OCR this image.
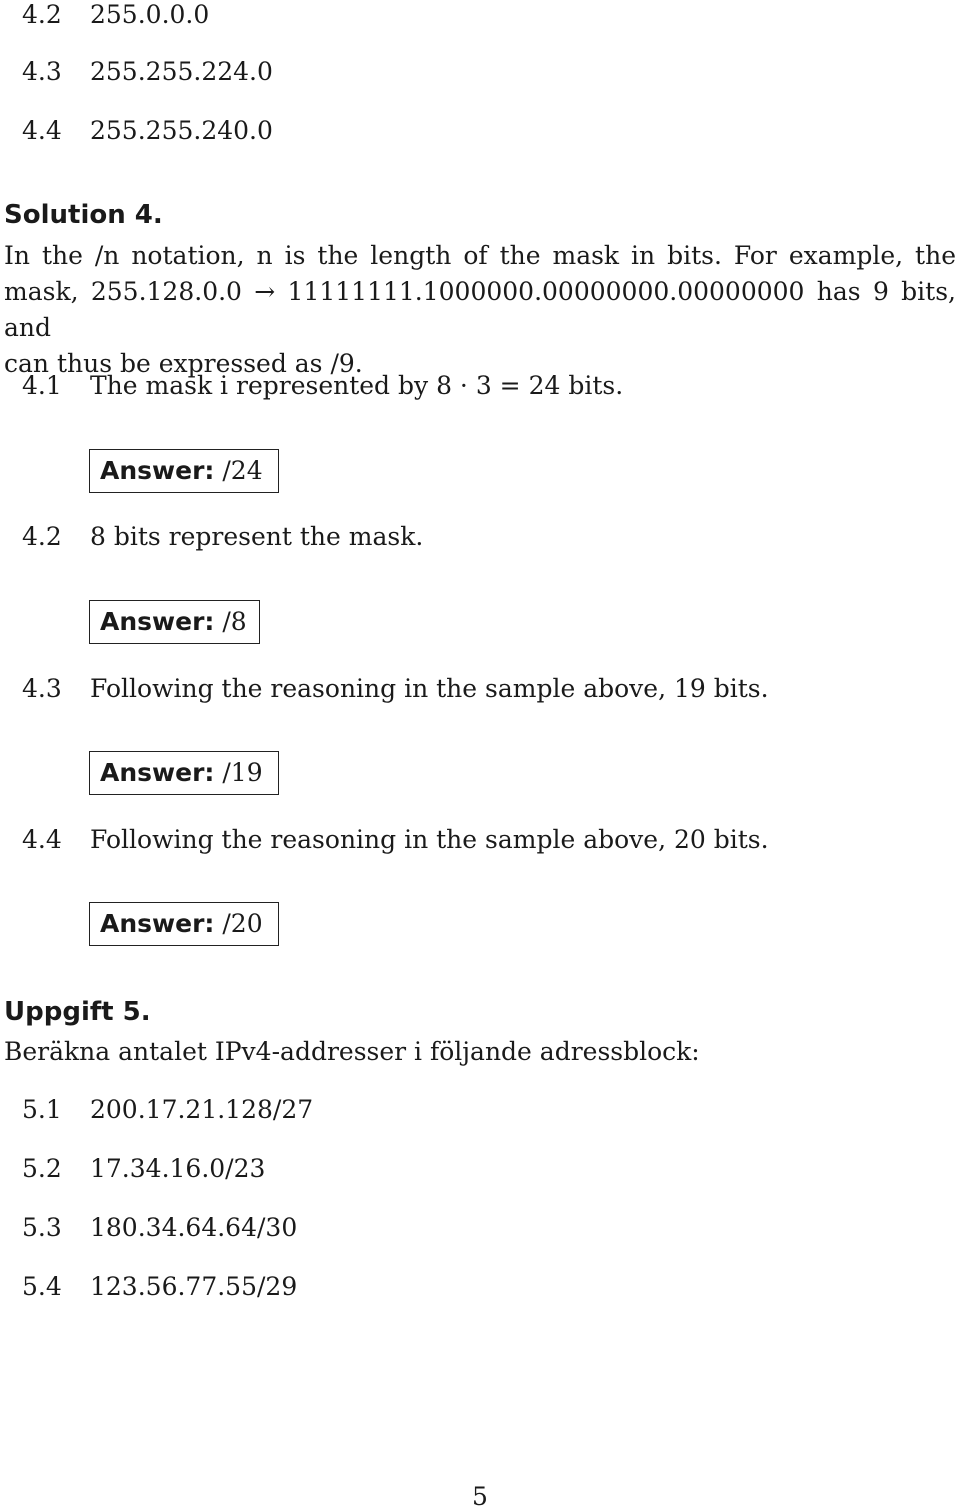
4.2 255.0.0.0
4.3 255.255.224.0
4.4 255.255.240.0
Solution 4.
In the /n notation, n is the length of the mask in bits. For example, the
mask, 255.128.0.0 → 11111111.1000000.00000000.00000000 has 9 bits, and
can thus be expressed as /9.
4.1 The mask i represented by 8 · 3 = 24 bits.
Answer: /24
4.2 8 bits represent the mask.
Answer: /8
4.3 Following the reasoning in the sample above, 19 bits.
Answer: /19
4.4 Following the reasoning in the sample above, 20 bits.
Answer: /20
Uppgift 5.
Beräkna antalet IPv4-addresser i följande adressblock:
5.1 200.17.21.128/27
5.2 17.34.16.0/23
5.3 180.34.64.64/30
5.4 123.56.77.55/29
5
